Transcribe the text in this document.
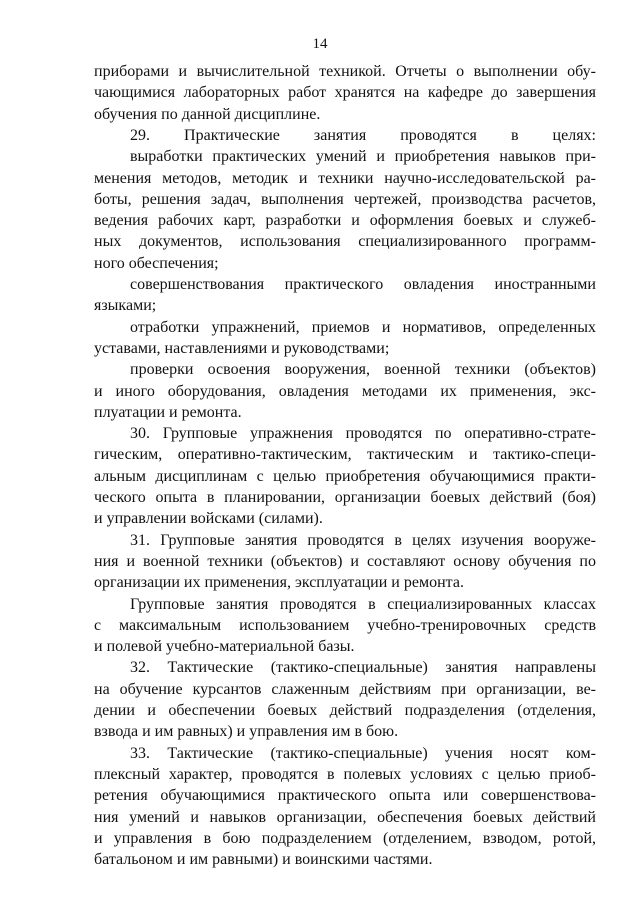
14
приборами и вычислительной техникой. Отчеты о выполнении обу-
чающимися лабораторных работ хранятся на кафедре до завершения
обучения по данной дисциплине.
29. Практические занятия проводятся в целях:
выработки практических умений и приобретения навыков при-
менения методов, методик и техники научно-исследовательской ра-
боты, решения задач, выполнения чертежей, производства расчетов,
ведения рабочих карт, разработки и оформления боевых и служеб-
ных документов, использования специализированного программ-
ного обеспечения;
совершенствования практического овладения иностранными
языками;
отработки упражнений, приемов и нормативов, определенных
уставами, наставлениями и руководствами;
проверки освоения вооружения, военной техники (объектов)
и иного оборудования, овладения методами их применения, экс-
плуатации и ремонта.
30. Групповые упражнения проводятся по оперативно-страте-
гическим, оперативно-тактическим, тактическим и тактико-специ-
альным дисциплинам с целью приобретения обучающимися практи-
ческого опыта в планировании, организации боевых действий (боя)
и управлении войсками (силами).
31. Групповые занятия проводятся в целях изучения вооруже-
ния и военной техники (объектов) и составляют основу обучения по
организации их применения, эксплуатации и ремонта.
Групповые занятия проводятся в специализированных классах
с максимальным использованием учебно-тренировочных средств
и полевой учебно-материальной базы.
32. Тактические (тактико-специальные) занятия направлены
на обучение курсантов слаженным действиям при организации, ве-
дении и обеспечении боевых действий подразделения (отделения,
взвода и им равных) и управления им в бою.
33. Тактические (тактико-специальные) учения носят ком-
плексный характер, проводятся в полевых условиях с целью приоб-
ретения обучающимися практического опыта или совершенствова-
ния умений и навыков организации, обеспечения боевых действий
и управления в бою подразделением (отделением, взводом, ротой,
батальоном и им равными) и воинскими частями.
